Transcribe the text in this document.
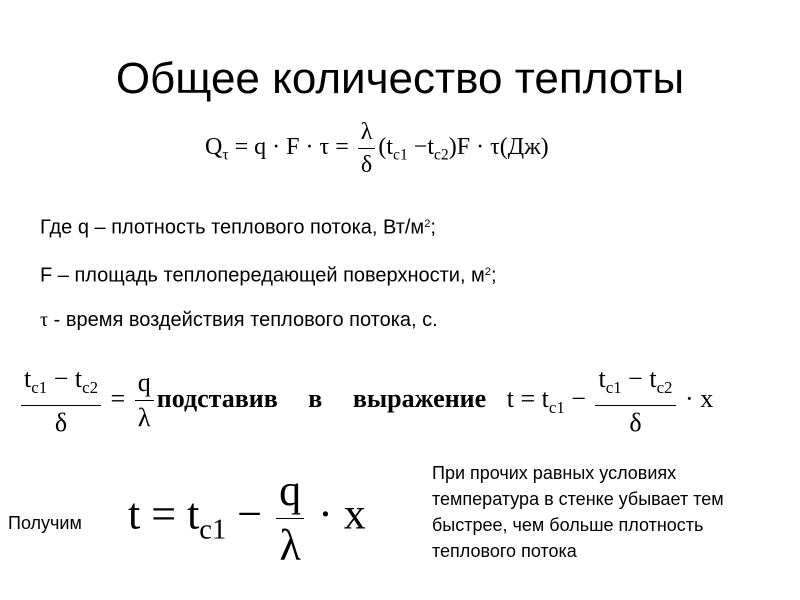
Общее количество теплоты
$Q_\tau = q \cdot F \cdot \tau = \frac{\lambda}{\delta} (t_{c1} -t_{c2})F \cdot \tau(Дж)$
Где q – плотность теплового потока, $Вт/м^2$;
F – площадь теплопередающей поверхности, $м^2$;
τ - время воздействия теплового потока, с.
$\frac{t_{c1} - t_{c2}}{\delta} = \frac{q}{\lambda}$ подставив в выражение $t = t_{c1} - \frac{t_{c1} - t_{c2}}{\delta} \cdot x$
Получим $t = t_{c1} - \frac{q}{\lambda} \cdot x$
При прочих равных условиях температура в стенке убывает тем быстрее, чем больше плотность теплового потока
